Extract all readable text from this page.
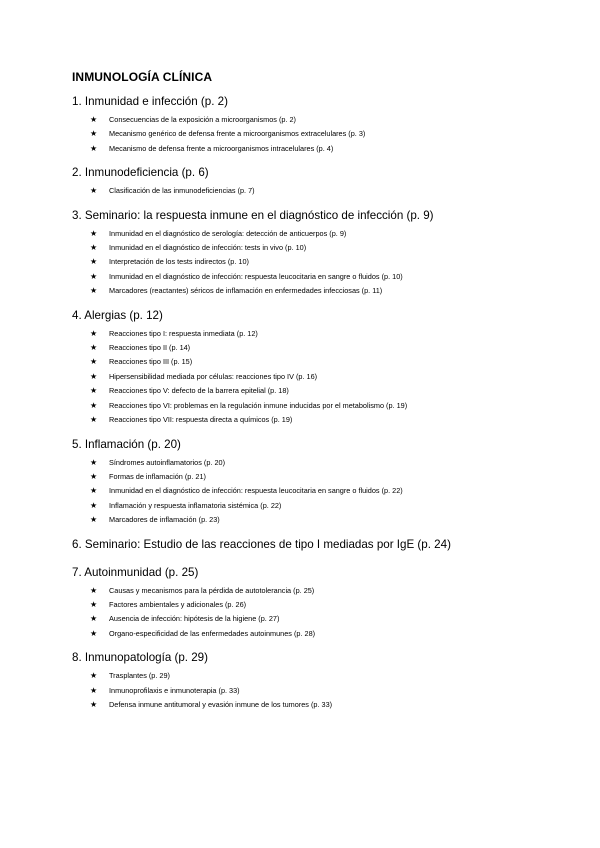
INMUNOLOGÍA CLÍNICA
1. Inmunidad e infección (p. 2)
★	Consecuencias de la exposición a microorganismos (p. 2)
★	Mecanismo genérico de defensa frente a microorganismos extracelulares (p. 3)
★	Mecanismo de defensa frente a microorganismos intracelulares (p. 4)
2. Inmunodeficiencia (p. 6)
★	Clasificación de las inmunodeficiencias (p. 7)
3. Seminario: la respuesta inmune en el diagnóstico de infección (p. 9)
★	Inmunidad en el diagnóstico de serología: detección de anticuerpos (p. 9)
★	Inmunidad en el diagnóstico de infección: tests in vivo (p. 10)
★	Interpretación de los tests indirectos (p. 10)
★	Inmunidad en el diagnóstico de infección: respuesta leucocitaria en sangre o fluidos (p. 10)
★	Marcadores (reactantes) séricos de inflamación en enfermedades infecciosas (p. 11)
4. Alergias (p. 12)
★	Reacciones tipo I: respuesta inmediata (p. 12)
★	Reacciones tipo II (p. 14)
★	Reacciones tipo III (p. 15)
★	Hipersensibilidad mediada por células: reacciones tipo IV (p. 16)
★	Reacciones tipo V: defecto de la barrera epitelial (p. 18)
★	Reacciones tipo VI: problemas en la regulación inmune inducidas por el metabolismo (p. 19)
★	Reacciones tipo VII: respuesta directa a químicos (p. 19)
5. Inflamación (p. 20)
★	Síndromes autoinflamatorios (p. 20)
★	Formas de inflamación (p. 21)
★	Inmunidad en el diagnóstico de infección: respuesta leucocitaria en sangre o fluidos (p. 22)
★	Inflamación y respuesta inflamatoria sistémica (p. 22)
★	Marcadores de inflamación (p. 23)
6. Seminario: Estudio de las reacciones de tipo I mediadas por IgE (p. 24)
7. Autoinmunidad (p. 25)
★	Causas y mecanismos para la pérdida de autotolerancia (p. 25)
★	Factores ambientales y adicionales (p. 26)
★	Ausencia de infección: hipótesis de la higiene (p. 27)
★	Organo-especificidad de las enfermedades autoinmunes (p. 28)
8. Inmunopatología (p. 29)
★	Trasplantes (p. 29)
★	Inmunoprofilaxis e inmunoterapia (p. 33)
★	Defensa inmune antitumoral y evasión inmune de los tumores (p. 33)
